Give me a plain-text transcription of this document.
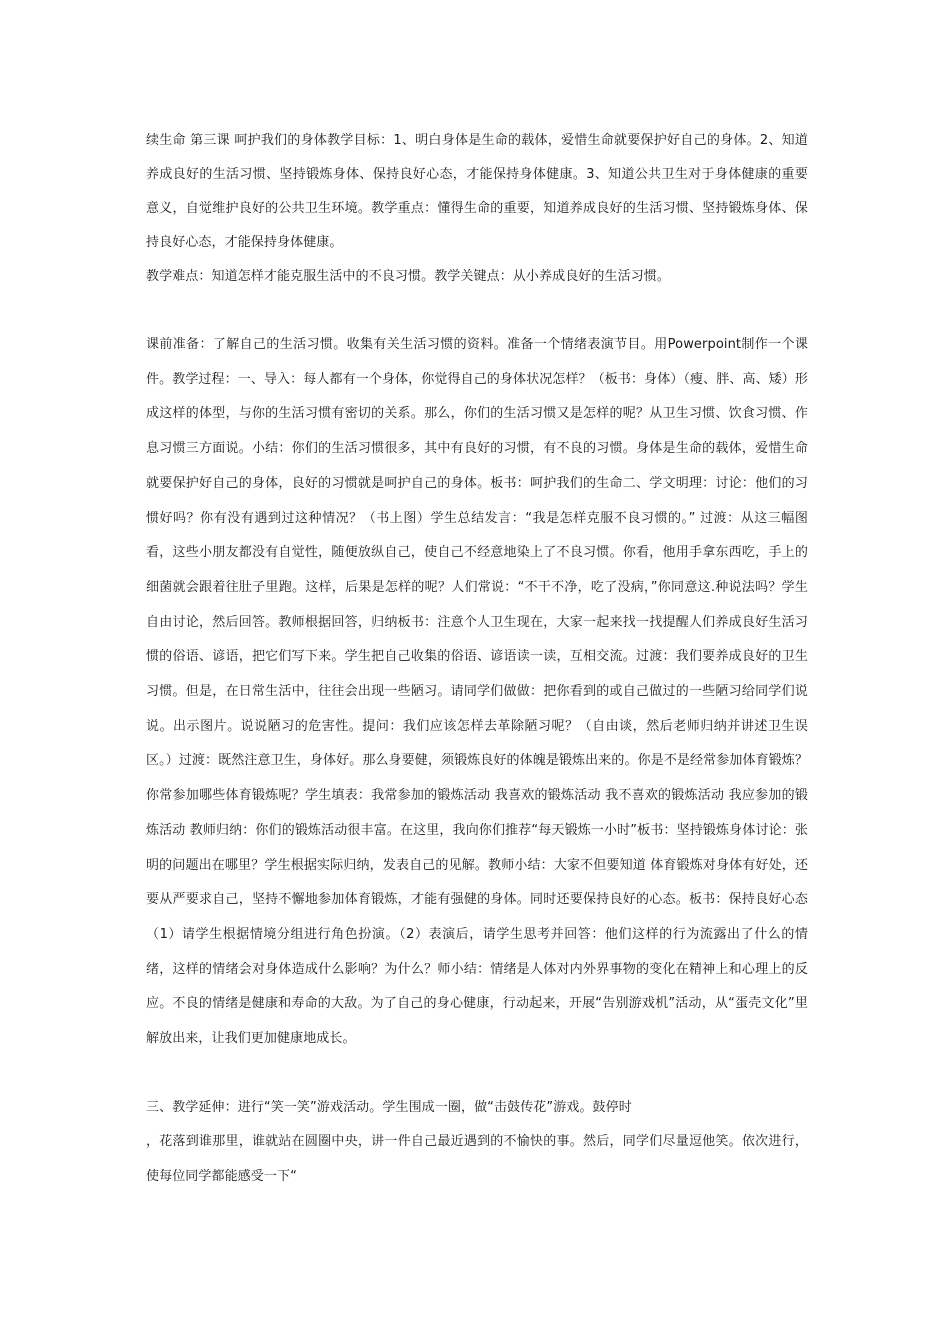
续生命 第三课 呵护我们的身体教学目标：1、明白身体是生命的载体，爱惜生命就要保护好自己的身体。2、知道养成良好的生活习惯、坚持锻炼身体、保持良好心态，才能保持身体健康。3、知道公共卫生对于身体健康的重要意义，自觉维护良好的公共卫生环境。教学重点：懂得生命的重要，知道养成良好的生活习惯、坚持锻炼身体、保持良好心态，才能保持身体健康。

教学难点：知道怎样才能克服生活中的不良习惯。教学关键点：从小养成良好的生活习惯。

课前准备：了解自己的生活习惯。收集有关生活习惯的资料。准备一个情绪表演节目。用Powerpoint制作一个课件。教学过程：一、导入：每人都有一个身体，你觉得自己的身体状况怎样？（板书：身体）（瘦、胖、高、矮）形成这样的体型，与你的生活习惯有密切的关系。那么，你们的生活习惯又是怎样的呢？从卫生习惯、饮食习惯、作息习惯三方面说。小结：你们的生活习惯很多，其中有良好的习惯，有不良的习惯。身体是生命的载体，爱惜生命就要保护好自己的身体，良好的习惯就是呵护自己的身体。板书：呵护我们的生命二、学文明理：讨论：他们的习惯好吗？你有没有遇到过这种情况？（书上图）学生总结发言：“我是怎样克服不良习惯的。” 过渡：从这三幅图看，这些小朋友都没有自觉性，随便放纵自己，使自己不经意地染上了不良习惯。你看，他用手拿东西吃，手上的细菌就会跟着往肚子里跑。这样，后果是怎样的呢？人们常说：“不干不净，吃了没病，”你同意这.种说法吗？学生自由讨论，然后回答。教师根据回答，归纳板书：注意个人卫生现在，大家一起来找一找提醒人们养成良好生活习惯的俗语、谚语，把它们写下来。学生把自己收集的俗语、谚语读一读，互相交流。过渡：我们要养成良好的卫生习惯。但是，在日常生活中，往往会出现一些陋习。请同学们做做：把你看到的或自己做过的一些陋习给同学们说说。出示图片。说说陋习的危害性。提问：我们应该怎样去革除陋习呢？（自由谈，然后老师归纳并讲述卫生误区。）过渡：既然注意卫生，身体好。那么身要健，须锻炼良好的体魄是锻炼出来的。你是不是经常参加体育锻炼？你常参加哪些体育锻炼呢？学生填表：我常参加的锻炼活动 我喜欢的锻炼活动 我不喜欢的锻炼活动 我应参加的锻炼活动 教师归纳：你们的锻炼活动很丰富。在这里，我向你们推荐“每天锻炼一小时”板书：坚持锻炼身体讨论：张明的问题出在哪里？学生根据实际归纳，发表自己的见解。教师小结：大家不但要知道 体育锻炼对身体有好处，还要从严要求自己，坚持不懈地参加体育锻炼，才能有强健的身体。同时还要保持良好的心态。板书：保持良好心态（1）请学生根据情境分组进行角色扮演。（2）表演后，请学生思考并回答：他们这样的行为流露出了什么的情绪，这样的情绪会对身体造成什么影响？为什么？师小结：情绪是人体对内外界事物的变化在精神上和心理上的反应。不良的情绪是健康和寿命的大敌。为了自己的身心健康，行动起来，开展“告别游戏机”活动，从“蛋壳文化”里解放出来，让我们更加健康地成长。

三、教学延伸：进行“笑一笑”游戏活动。学生围成一圈，做“击鼓传花”游戏。鼓停时

，花落到谁那里，谁就站在圆圈中央，讲一件自己最近遇到的不愉快的事。然后，同学们尽量逗他笑。依次进行，使每位同学都能感受一下“
